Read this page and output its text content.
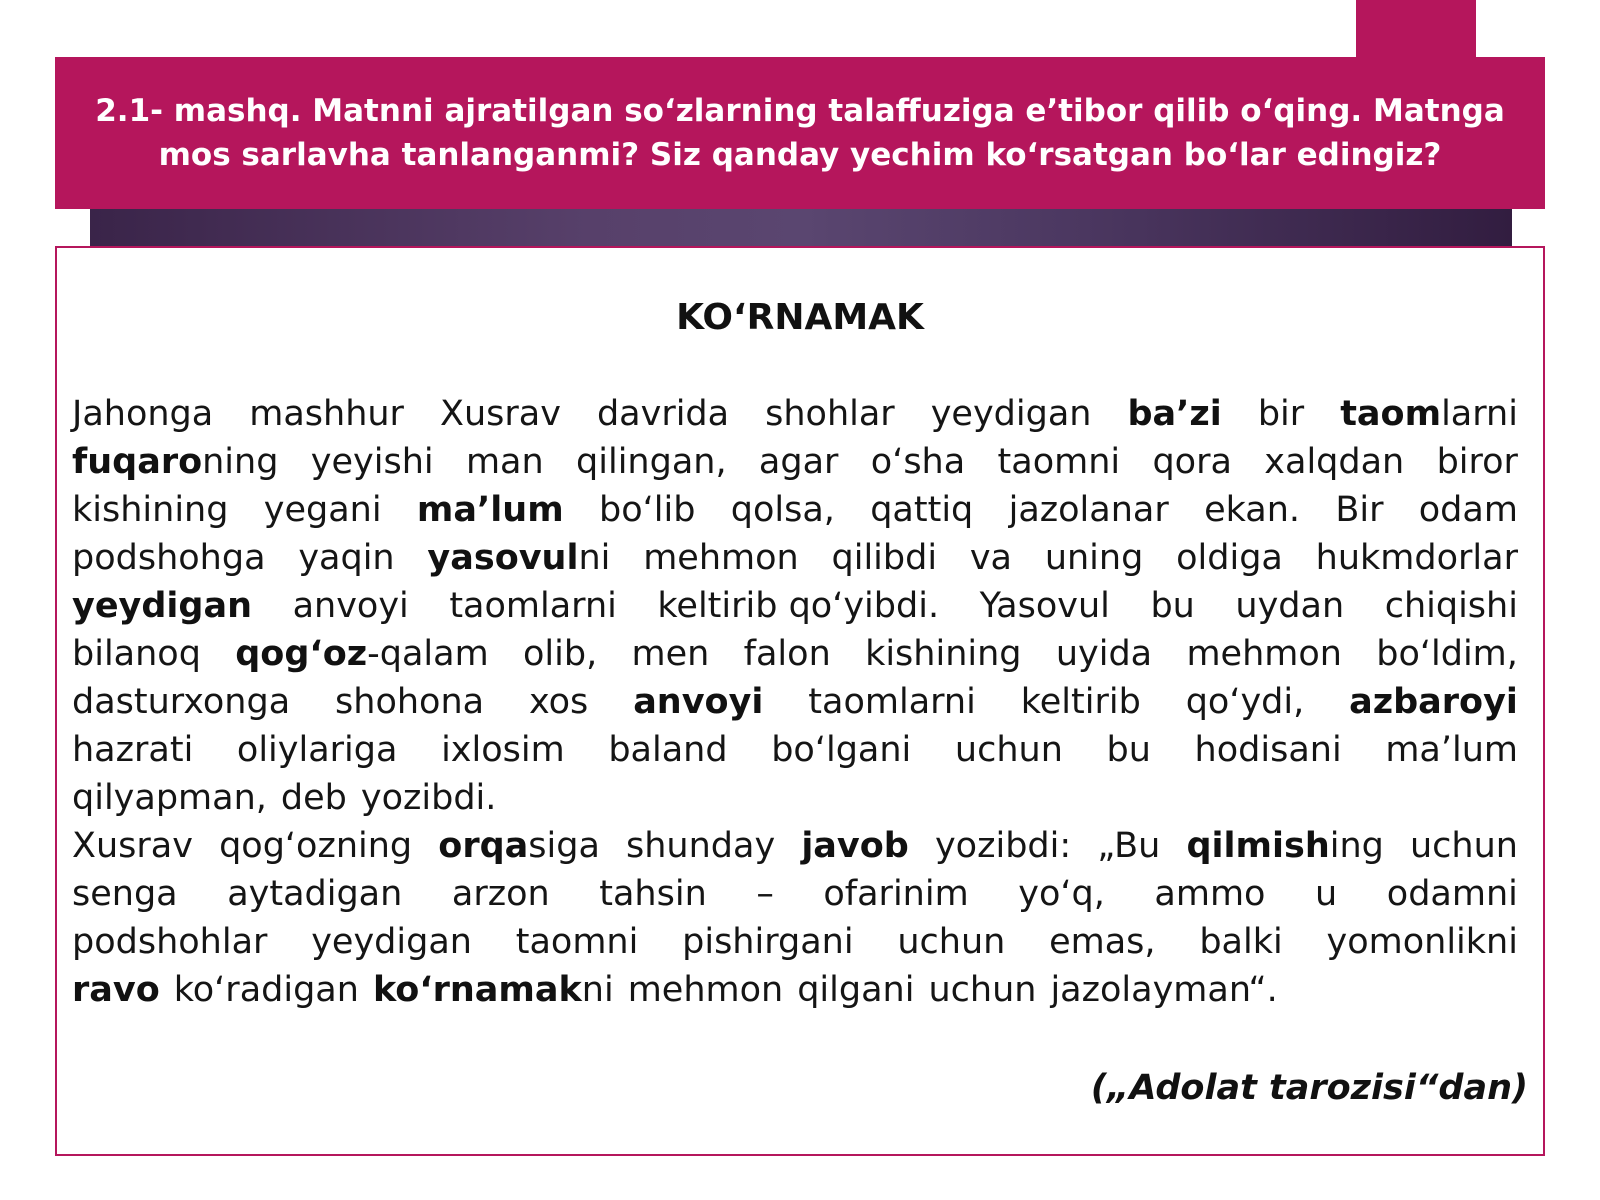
2.1- mashq. Matnni ajratilgan so‘zlarning talaffuziga e’tibor qilib o‘qing. Matnga mos sarlavha tanlanganmi? Siz qanday yechim ko‘rsatgan bo‘lar edingiz?
KO‘RNAMAK
Jahonga mashhur Xusrav davrida shohlar yeydigan ba’zi bir taomlarni
fuqaroning yeyishi man qilingan, agar o‘sha taomni qora xalqdan biror
kishining yegani ma’lum bo‘lib qolsa, qattiq jazolanar ekan. Bir odam
podshohga yaqin yasovulni mehmon qilibdi va uning oldiga hukmdorlar
yeydigan anvoyi taomlarni keltirib qo‘yibdi. Yasovul bu uydan chiqishi
bilanoq qog‘oz-qalam olib, men falon kishining uyida mehmon bo‘ldim,
dasturxonga shohona xos anvoyi taomlarni keltirib qo‘ydi, azbaroyi
hazrati oliylariga ixlosim baland bo‘lgani uchun bu hodisani ma’lum
qilyapman, deb yozibdi.
Xusrav qog‘ozning orqasiga shunday javob yozibdi: „Bu qilmishing uchun
senga aytadigan arzon tahsin – ofarinim yo‘q, ammo u odamni
podshohlar yeydigan taomni pishirgani uchun emas, balki yomonlikni
ravo ko‘radigan ko‘rnamakni mehmon qilgani uchun jazolayman“.
(„Adolat tarozisi“dan)
